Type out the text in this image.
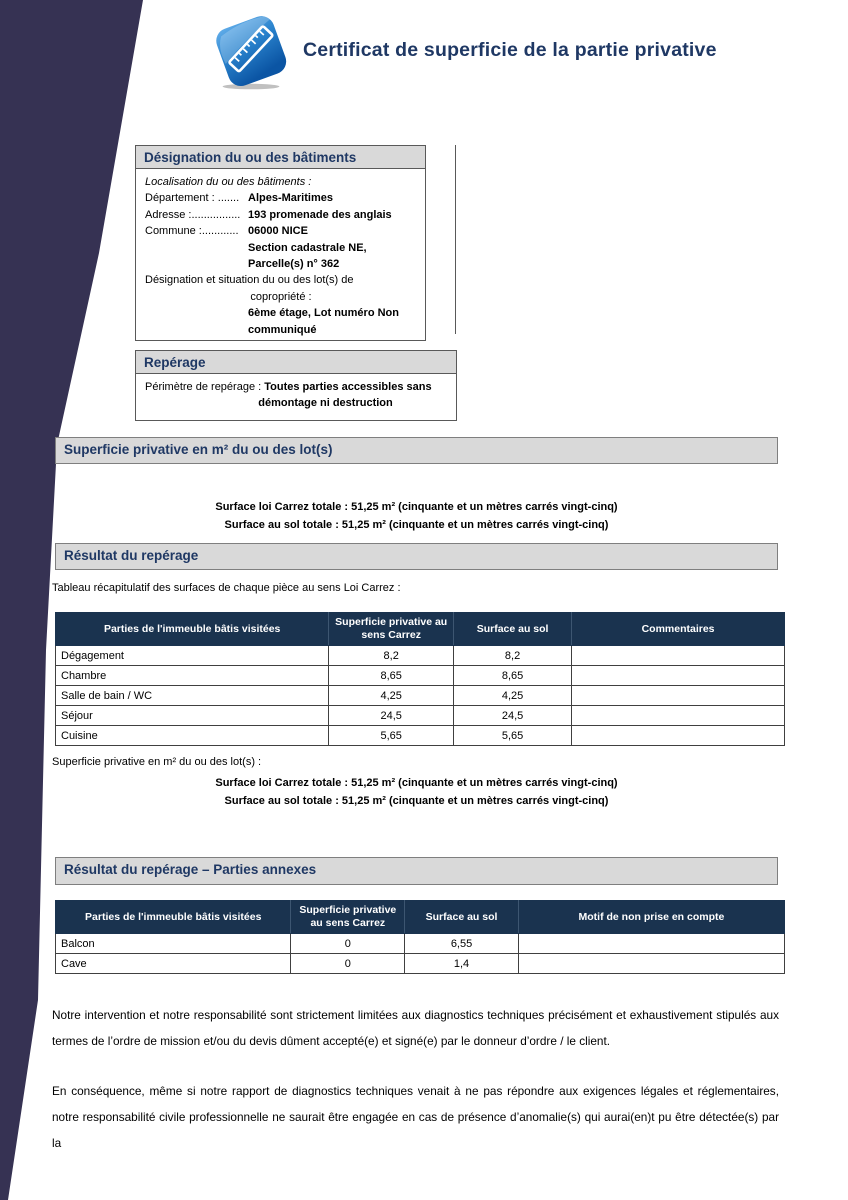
Certificat de superficie de la partie privative
Désignation du ou des bâtiments
Localisation du ou des bâtiments :
Département : ....... Alpes-Maritimes
Adresse :................ 193 promenade des anglais
Commune :............ 06000 NICE
Section cadastrale NE,
Parcelle(s) n° 362
Désignation et situation du ou des lot(s) de
copropriété :
6ème étage, Lot numéro Non
communiqué
Repérage
Périmètre de repérage : Toutes parties accessibles sans
démontage ni destruction
Superficie privative en m² du ou des lot(s)
Surface loi Carrez totale : 51,25 m² (cinquante et un mètres carrés vingt-cinq)
Surface au sol totale : 51,25 m² (cinquante et un mètres carrés vingt-cinq)
Résultat du repérage
Tableau récapitulatif des surfaces de chaque pièce au sens Loi Carrez :
Parties de l'immeuble bâtis visitées	Superficie privative au sens Carrez	Surface au sol	Commentaires
Dégagement	8,2	8,2	
Chambre	8,65	8,65	
Salle de bain / WC	4,25	4,25	
Séjour	24,5	24,5	
Cuisine	5,65	5,65	
Superficie privative en m² du ou des lot(s) :
Surface loi Carrez totale : 51,25 m² (cinquante et un mètres carrés vingt-cinq)
Surface au sol totale : 51,25 m² (cinquante et un mètres carrés vingt-cinq)
Résultat du repérage – Parties annexes
Parties de l'immeuble bâtis visitées	Superficie privative au sens Carrez	Surface au sol	Motif de non prise en compte
Balcon	0	6,55	
Cave	0	1,4	
Notre intervention et notre responsabilité sont strictement limitées aux diagnostics techniques précisément et exhaustivement stipulés aux termes de l’ordre de mission et/ou du devis dûment accepté(e) et signé(e) par le donneur d’ordre / le client.
En conséquence, même si notre rapport de diagnostics techniques venait à ne pas répondre aux exigences légales et réglementaires, notre responsabilité civile professionnelle ne saurait être engagée en cas de présence d’anomalie(s) qui aurai(en)t pu être détectée(s) par la
